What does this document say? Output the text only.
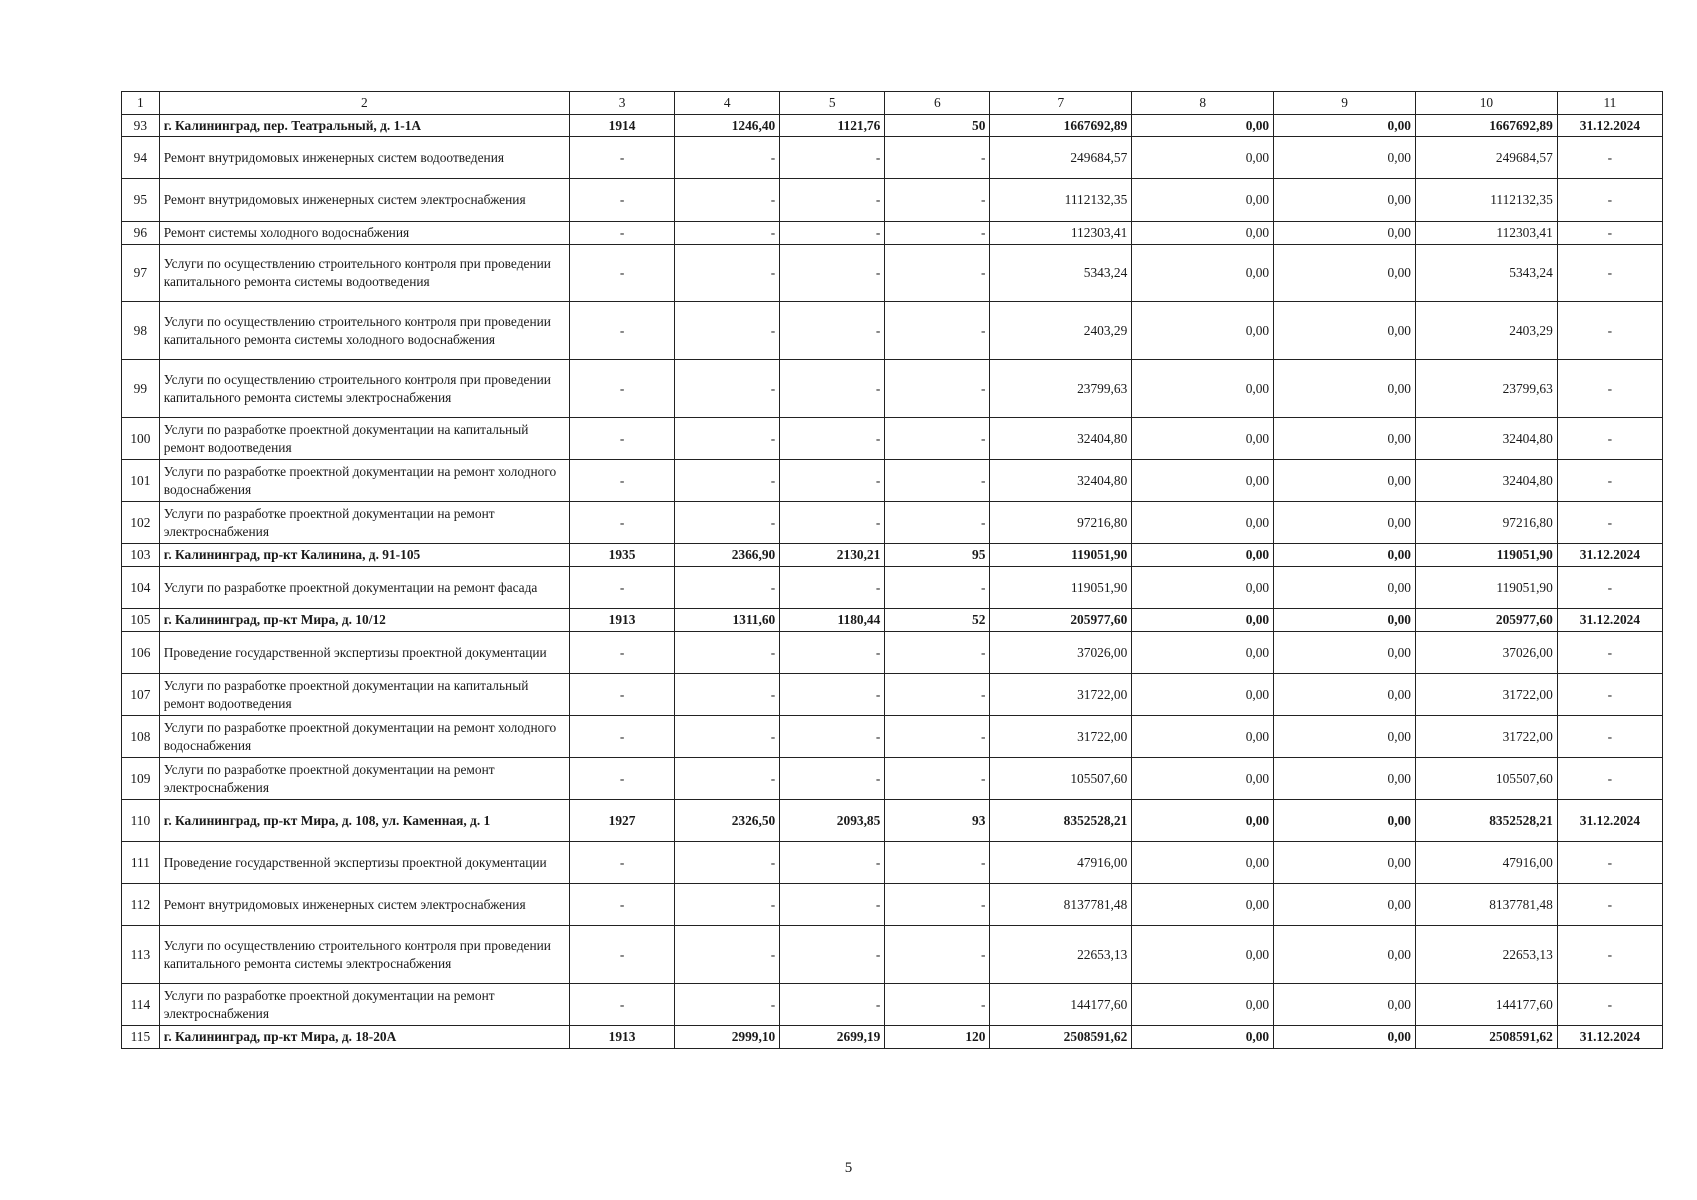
1	2	3	4	5	6	7	8	9	10	11
93	г. Калининград, пер. Театральный, д. 1-1А	1914	1246,40	1121,76	50	1667692,89	0,00	0,00	1667692,89	31.12.2024
94	Ремонт внутридомовых инженерных систем водоотведения	-	-	-	-	249684,57	0,00	0,00	249684,57	-
95	Ремонт внутридомовых инженерных систем электроснабжения	-	-	-	-	1112132,35	0,00	0,00	1112132,35	-
96	Ремонт системы холодного водоснабжения	-	-	-	-	112303,41	0,00	0,00	112303,41	-
97	Услуги по осуществлению строительного контроля при проведении капитального ремонта системы водоотведения	-	-	-	-	5343,24	0,00	0,00	5343,24	-
98	Услуги по осуществлению строительного контроля при проведении капитального ремонта системы холодного водоснабжения	-	-	-	-	2403,29	0,00	0,00	2403,29	-
99	Услуги по осуществлению строительного контроля при проведении капитального ремонта системы электроснабжения	-	-	-	-	23799,63	0,00	0,00	23799,63	-
100	Услуги по разработке проектной документации на капитальный ремонт водоотведения	-	-	-	-	32404,80	0,00	0,00	32404,80	-
101	Услуги по разработке проектной документации на ремонт холодного водоснабжения	-	-	-	-	32404,80	0,00	0,00	32404,80	-
102	Услуги по разработке проектной документации на ремонт электроснабжения	-	-	-	-	97216,80	0,00	0,00	97216,80	-
103	г. Калининград, пр-кт Калинина, д. 91-105	1935	2366,90	2130,21	95	119051,90	0,00	0,00	119051,90	31.12.2024
104	Услуги по разработке проектной документации на ремонт фасада	-	-	-	-	119051,90	0,00	0,00	119051,90	-
105	г. Калининград, пр-кт Мира, д. 10/12	1913	1311,60	1180,44	52	205977,60	0,00	0,00	205977,60	31.12.2024
106	Проведение государственной экспертизы проектной документации	-	-	-	-	37026,00	0,00	0,00	37026,00	-
107	Услуги по разработке проектной документации на капитальный ремонт водоотведения	-	-	-	-	31722,00	0,00	0,00	31722,00	-
108	Услуги по разработке проектной документации на ремонт холодного водоснабжения	-	-	-	-	31722,00	0,00	0,00	31722,00	-
109	Услуги по разработке проектной документации на ремонт электроснабжения	-	-	-	-	105507,60	0,00	0,00	105507,60	-
110	г. Калининград, пр-кт Мира, д. 108, ул. Каменная, д. 1	1927	2326,50	2093,85	93	8352528,21	0,00	0,00	8352528,21	31.12.2024
111	Проведение государственной экспертизы проектной документации	-	-	-	-	47916,00	0,00	0,00	47916,00	-
112	Ремонт внутридомовых инженерных систем электроснабжения	-	-	-	-	8137781,48	0,00	0,00	8137781,48	-
113	Услуги по осуществлению строительного контроля при проведении капитального ремонта системы электроснабжения	-	-	-	-	22653,13	0,00	0,00	22653,13	-
114	Услуги по разработке проектной документации на ремонт электроснабжения	-	-	-	-	144177,60	0,00	0,00	144177,60	-
115	г. Калининград, пр-кт Мира, д. 18-20А	1913	2999,10	2699,19	120	2508591,62	0,00	0,00	2508591,62	31.12.2024
5
